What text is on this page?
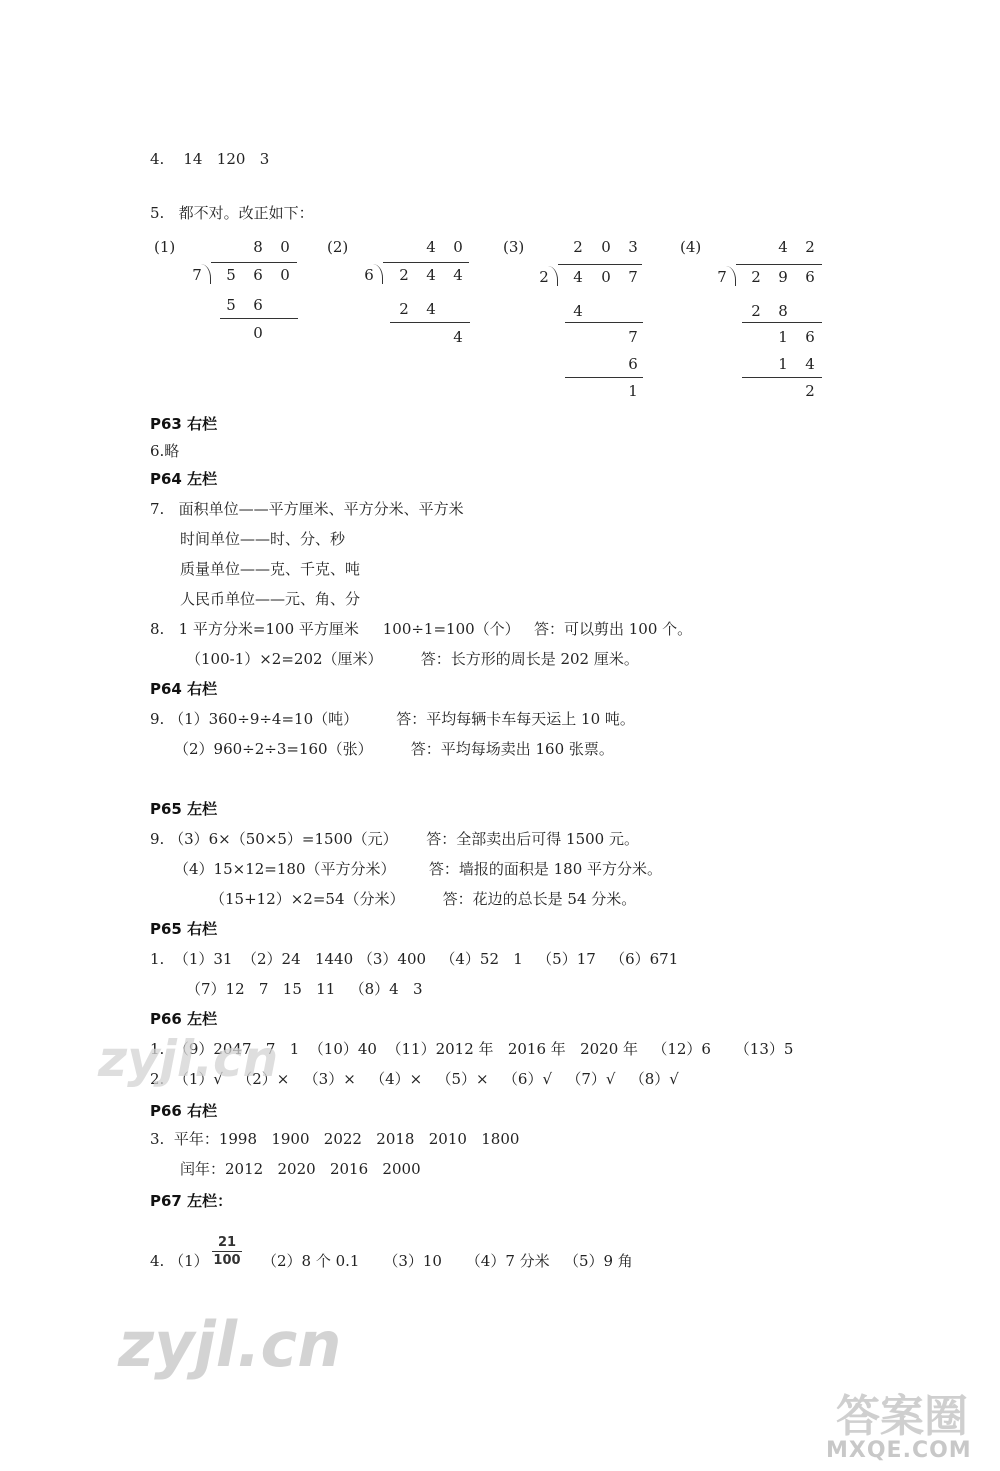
4.    14   120   3
5.   都不对。改正如下：
(1)	8 0
7 5 6 0
5 6
0
(2)	4 0
6 2 4 4
2 4
4
(3)	2 0 3
2 4 0 7
4
7
6
1
(4)	4 2
7 2 9 6
2 8
1 6
1 4
2
P63 右栏
6.略
P64 左栏
7.   面积单位——平方厘米、平方分米、平方米
时间单位——时、分、秒
质量单位——克、千克、吨
人民币单位——元、角、分
8.   1 平方分米=100 平方厘米     100÷1=100（个）   答：可以剪出 100 个。
（100-1）×2=202（厘米）        答：长方形的周长是 202 厘米。
P64 右栏
9. （1）360÷9÷4=10（吨）        答：平均每辆卡车每天运上 10 吨。
（2）960÷2÷3=160（张）        答：平均每场卖出 160 张票。
P65 左栏
9. （3）6×（50×5）=1500（元）      答：全部卖出后可得 1500 元。
（4）15×12=180（平方分米）       答：墙报的面积是 180 平方分米。
（15+12）×2=54（分米）        答：花边的总长是 54 分米。
P65 右栏
1.  （1）31  （2）24   1440 （3）400   （4）52   1   （5）17   （6）671
（7）12   7   15   11   （8）4   3
P66 左栏
1.  （9）2047   7   1  （10）40  （11）2012 年   2016 年   2020 年   （12）6     （13）5
2.  （1）√   （2）×   （3）×   （4）×   （5）×   （6）√   （7）√   （8）√
zyjl.cn
P66 右栏
3.  平年：1998   1900   2022   2018   2010   1800
闰年：2012   2020   2016   2000
P67 左栏：
4. （1）
21
100 （2）8 个 0.1     （3）10     （4）7 分米   （5）9 角
zyjl.cn
答案圈
MXQE.COM
